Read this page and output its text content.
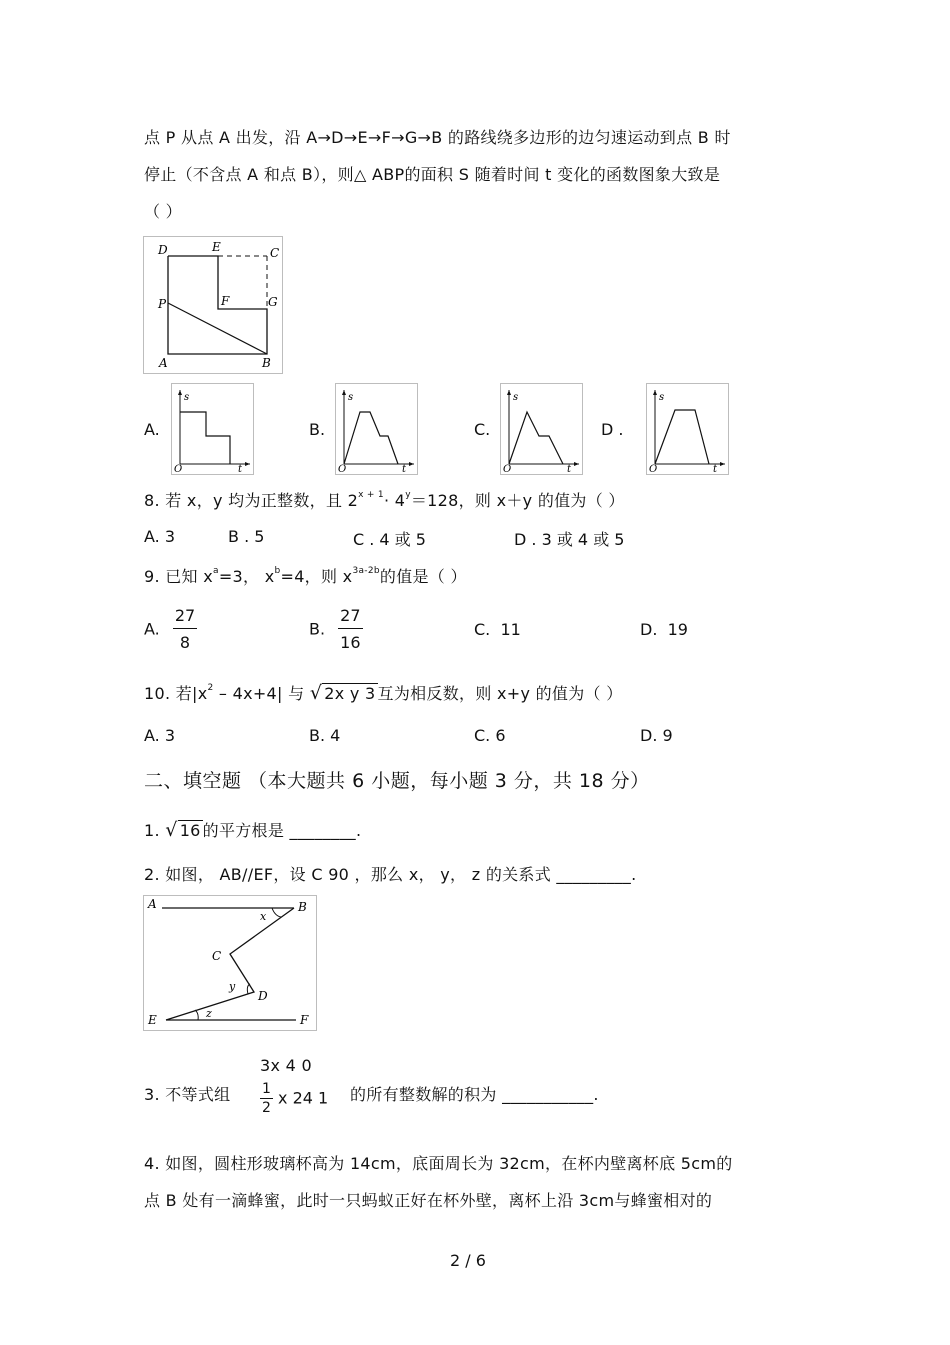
点 P 从点 A 出发，沿 A→D→E→F→G→B 的路线绕多边形的边匀速运动到点 B 时
停止（不含点 A 和点 B），则△ ABP的面积 S 随着时间 t 变化的函数图象大致是
（ ）
D	E	C
P	F	G
A	B
A.
s
O	t
B.
s
O	t
C.
s
O	t
D .
s
O	t
8. 若 x，y 均为正整数，且 $2^{x + 1}\cdot 4^y=128$，则 x＋y 的值为（ ）
A. 3	B . 5	C . 4 或 5	D . 3 或 4 或 5
9. 已知 $x^a=3$， $x^b=4$，则 $x^{3a-2b}$的值是（ ）
A. $\frac{27}{8}$	B. $\frac{27}{16}$	C. 11	D. 19
10. 若$|x^2 - 4x+4|$ 与 √ 2x y 3 互为相反数，则 x+y 的值为（ ）
A. 3	B. 4	C. 6	D. 9
二、填空题 （本大题共 6 小题，每小题 3 分，共 18 分）
1. √ 16 的平方根是 ________.
2. 如图， AB//EF，设 C 90 ，那么 x， y， z 的关系式 _________.
A	B
x
C
y
D
E	z	F
3. 不等式组
3x 4 0
$\frac{1}{2}$ x 24 1 的所有整数解的积为 ___________.
4. 如图，圆柱形玻璃杯高为 14cm，底面周长为 32cm，在杯内壁离杯底 5cm的
点 B 处有一滴蜂蜜，此时一只蚂蚁正好在杯外壁，离杯上沿 3cm与蜂蜜相对的
2 / 6
